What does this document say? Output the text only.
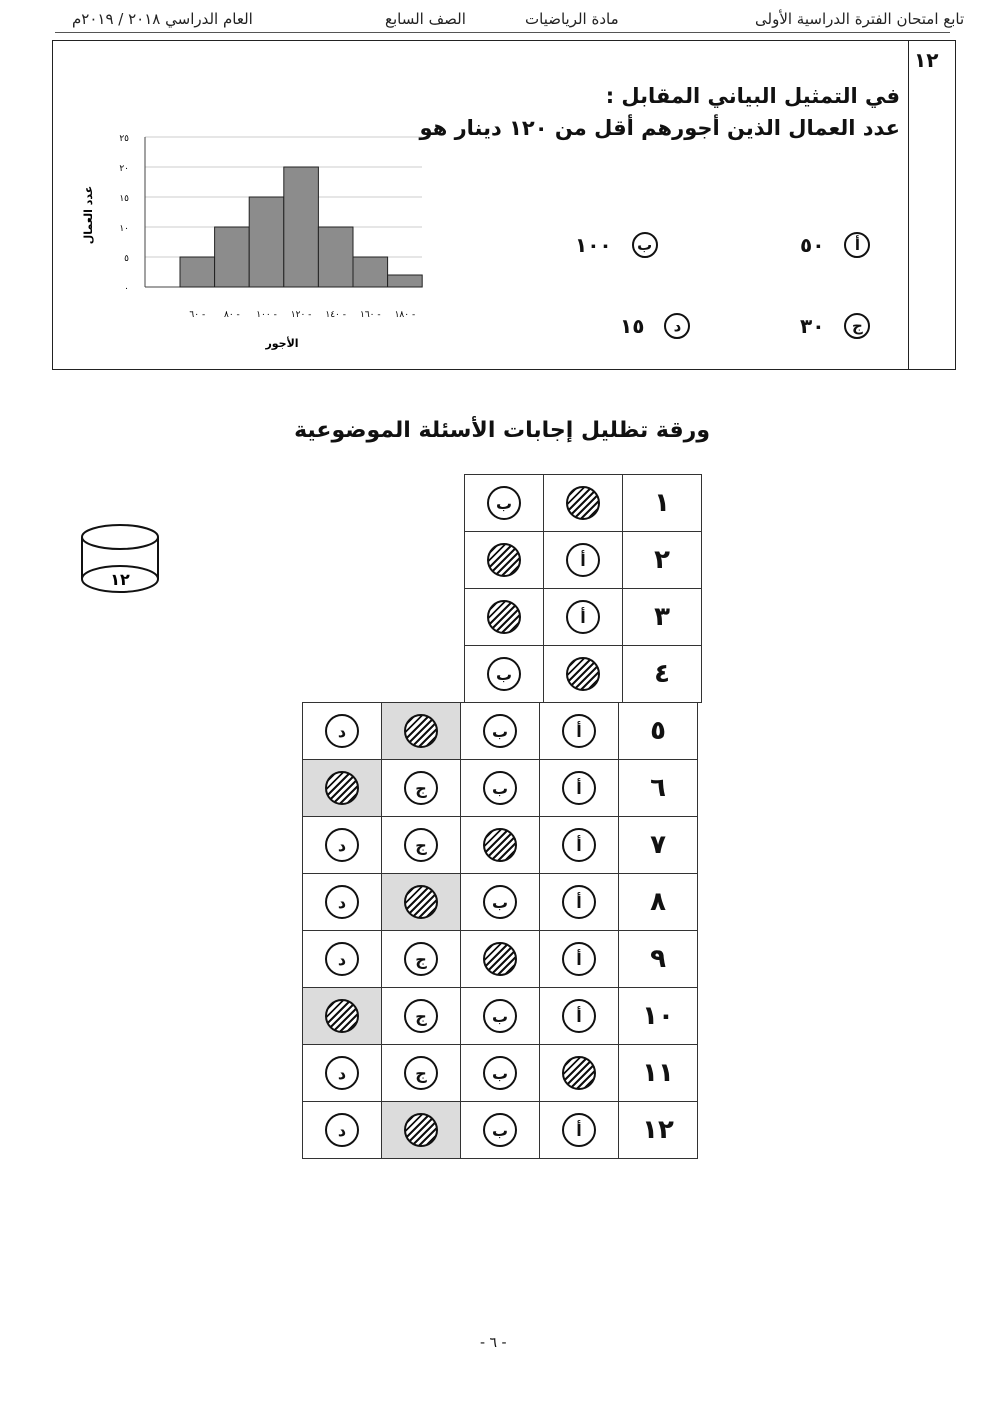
تابع امتحان الفترة الدراسية الأولى
مادة الرياضيات
الصف السابع
العام الدراسي ٢٠١٨ / ٢٠١٩م
١٢
في التمثيل البياني المقابل :
عدد العمال الذين أجورهم أقل من ١٢٠ دينار هو
أ
٥٠
ب
١٠٠
ج
٣٠
د
١٥
٠
٥
١٠
١٥
٢٠
٢٥
٦٠ - ٨٠ - ١٠٠ - ١٢٠ - ١٤٠ - ١٦٠ - ١٨٠ -
الأجور
عدد العمال
ورقة تظليل إجابات الأسئلة الموضوعية
١٢
ب		١
	أ	٢
	أ	٣
ب		٤
د		ب	أ	٥
	ج	ب	أ	٦
د	ج		أ	٧
د		ب	أ	٨
د	ج		أ	٩
	ج	ب	أ	١٠
د	ج	ب		١١
د		ب	أ	١٢
- ٦ -
